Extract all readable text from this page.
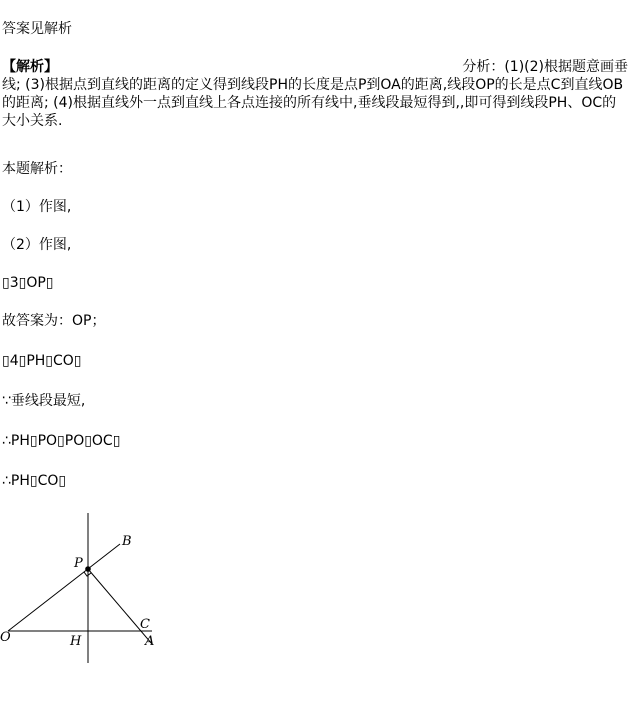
答案见解析
【解析】	分析：(1)(2)根据题意画垂

线; (3)根据点到直线的距离的定义得到线段PH的长度是点P到OA的距离,线段OP的长是点C到直线OB的距离; (4)根据直线外一点到直线上各点连接的所有线中,垂线段最短得到,,即可得到线段PH、OC的大小关系.

本题解析：
（1）作图,
（2）作图,
▯3▯OP▯
故答案为：OP；
▯4▯PH▯CO▯
∵垂线段最短,
∴PH▯PO▯PO▯OC▯
∴PH▯CO▯
P
B
C
A
O	H
